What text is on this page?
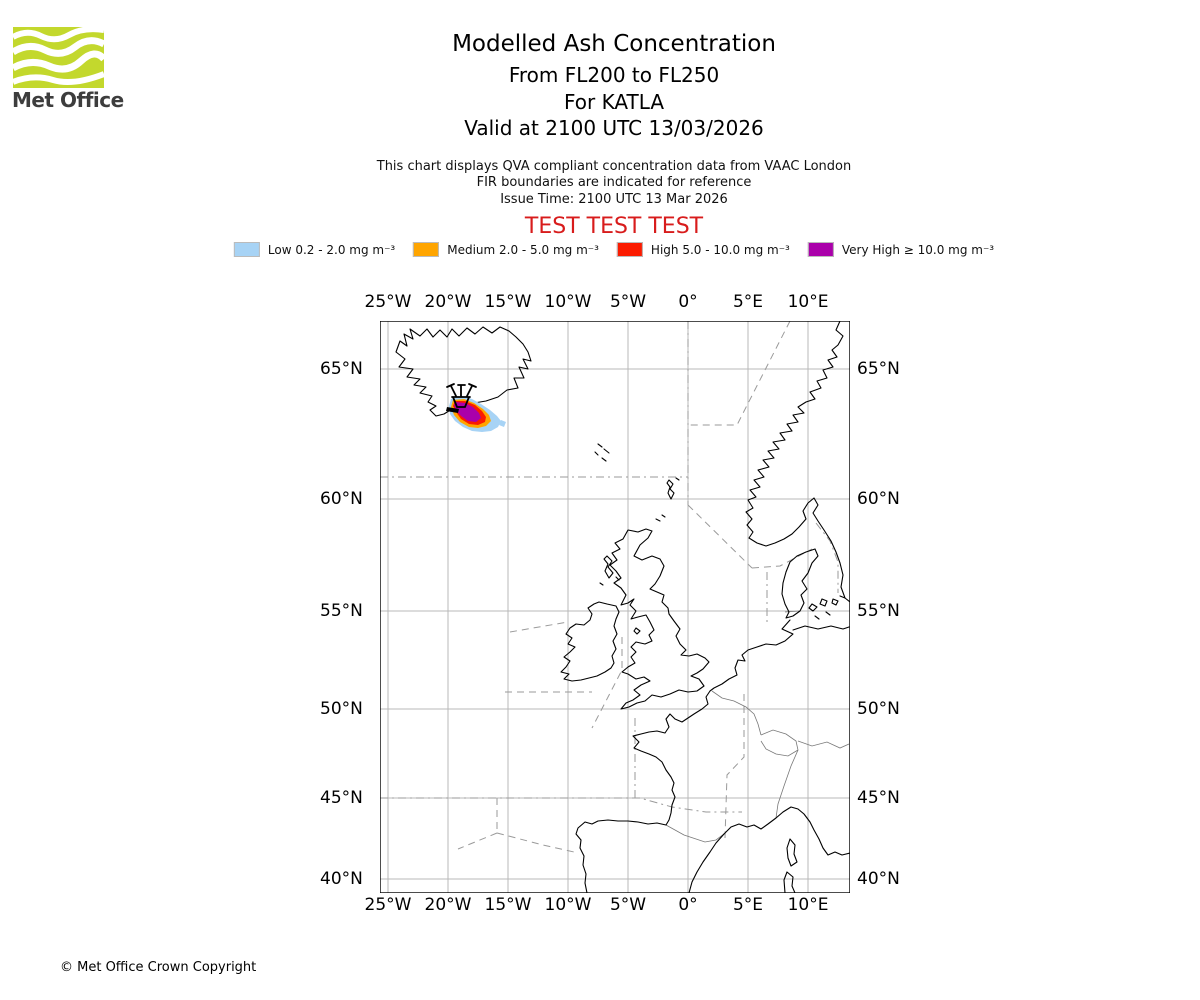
Met Office
Modelled Ash Concentration
From FL200 to FL250
For KATLA
Valid at 2100 UTC 13/03/2026
This chart displays QVA compliant concentration data from VAAC London
FIR boundaries are indicated for reference
Issue Time: 2100 UTC 13 Mar 2026
TEST TEST TEST
Low 0.2 - 2.0 mg m⁻³	Medium 2.0 - 5.0 mg m⁻³	High 5.0 - 10.0 mg m⁻³	Very High ≥ 10.0 mg m⁻³
25°W 20°W 15°W 10°W 5°W 0° 5°E 10°E
25°W 20°W 15°W 10°W 5°W 0° 5°E 10°E
65°N
60°N
55°N
50°N
45°N
40°N
65°N
60°N
55°N
50°N
45°N
40°N
© Met Office Crown Copyright
